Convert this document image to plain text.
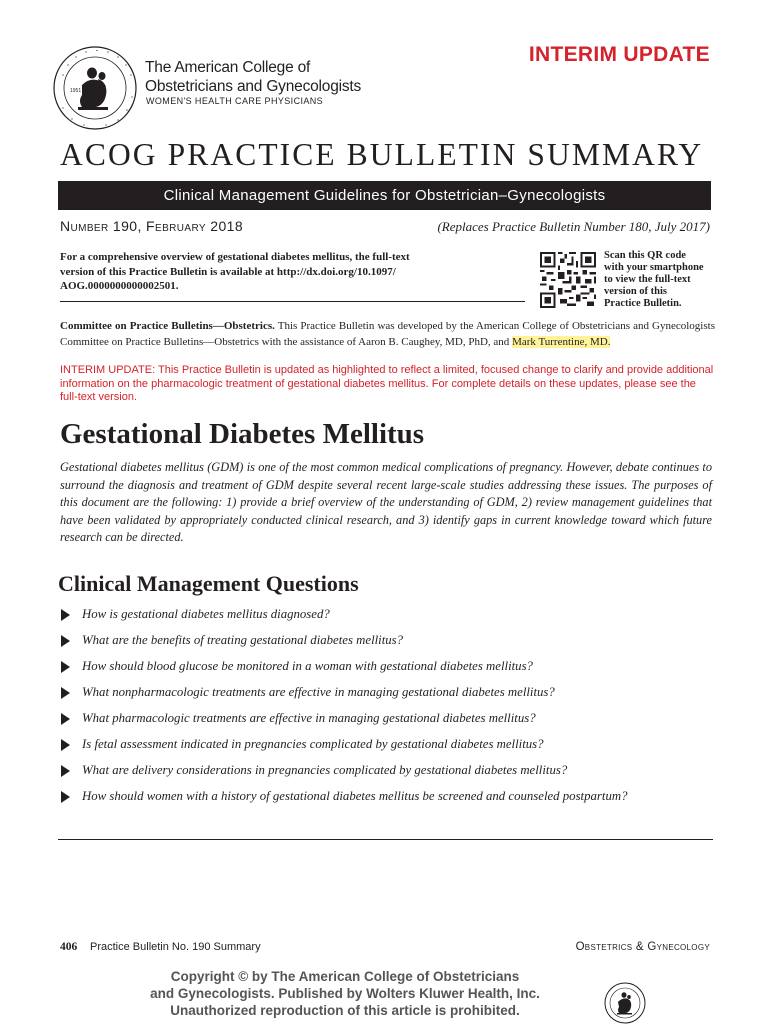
1951
The American College of
Obstetricians and Gynecologists
WOMEN'S HEALTH CARE PHYSICIANS
INTERIM UPDATE
ACOG PRACTICE BULLETIN SUMMARY
Clinical Management Guidelines for Obstetrician–Gynecologists
Number 190, February 2018	(Replaces Practice Bulletin Number 180, July 2017)
For a comprehensive overview of gestational diabetes mellitus, the full-text
version of this Practice Bulletin is available at http://dx.doi.org/10.1097/
AOG.0000000000002501.
Scan this QR code
with your smartphone
to view the full-text
version of this
Practice Bulletin.
Committee on Practice Bulletins—Obstetrics. This Practice Bulletin was developed by the American College of Obstetricians and Gynecologists Committee on Practice Bulletins—Obstetrics with the assistance of Aaron B. Caughey, MD, PhD, and Mark Turrentine, MD.
INTERIM UPDATE: This Practice Bulletin is updated as highlighted to reflect a limited, focused change to clarify and provide additional information on the pharmacologic treatment of gestational diabetes mellitus. For complete details on these updates, please see the full-text version.
Gestational Diabetes Mellitus
Gestational diabetes mellitus (GDM) is one of the most common medical complications of pregnancy. However, debate continues to surround the diagnosis and treatment of GDM despite several recent large-scale studies addressing these issues. The purposes of this document are the following: 1) provide a brief overview of the understanding of GDM, 2) review management guidelines that have been validated by appropriately conducted clinical research, and 3) identify gaps in current knowledge toward which future research can be directed.
Clinical Management Questions
How is gestational diabetes mellitus diagnosed?
What are the benefits of treating gestational diabetes mellitus?
How should blood glucose be monitored in a woman with gestational diabetes mellitus?
What nonpharmacologic treatments are effective in managing gestational diabetes mellitus?
What pharmacologic treatments are effective in managing gestational diabetes mellitus?
Is fetal assessment indicated in pregnancies complicated by gestational diabetes mellitus?
What are delivery considerations in pregnancies complicated by gestational diabetes mellitus?
How should women with a history of gestational diabetes mellitus be screened and counseled postpartum?
406 Practice Bulletin No. 190 Summary	Obstetrics & Gynecology
Copyright © by The American College of Obstetricians
and Gynecologists. Published by Wolters Kluwer Health, Inc.
Unauthorized reproduction of this article is prohibited.
